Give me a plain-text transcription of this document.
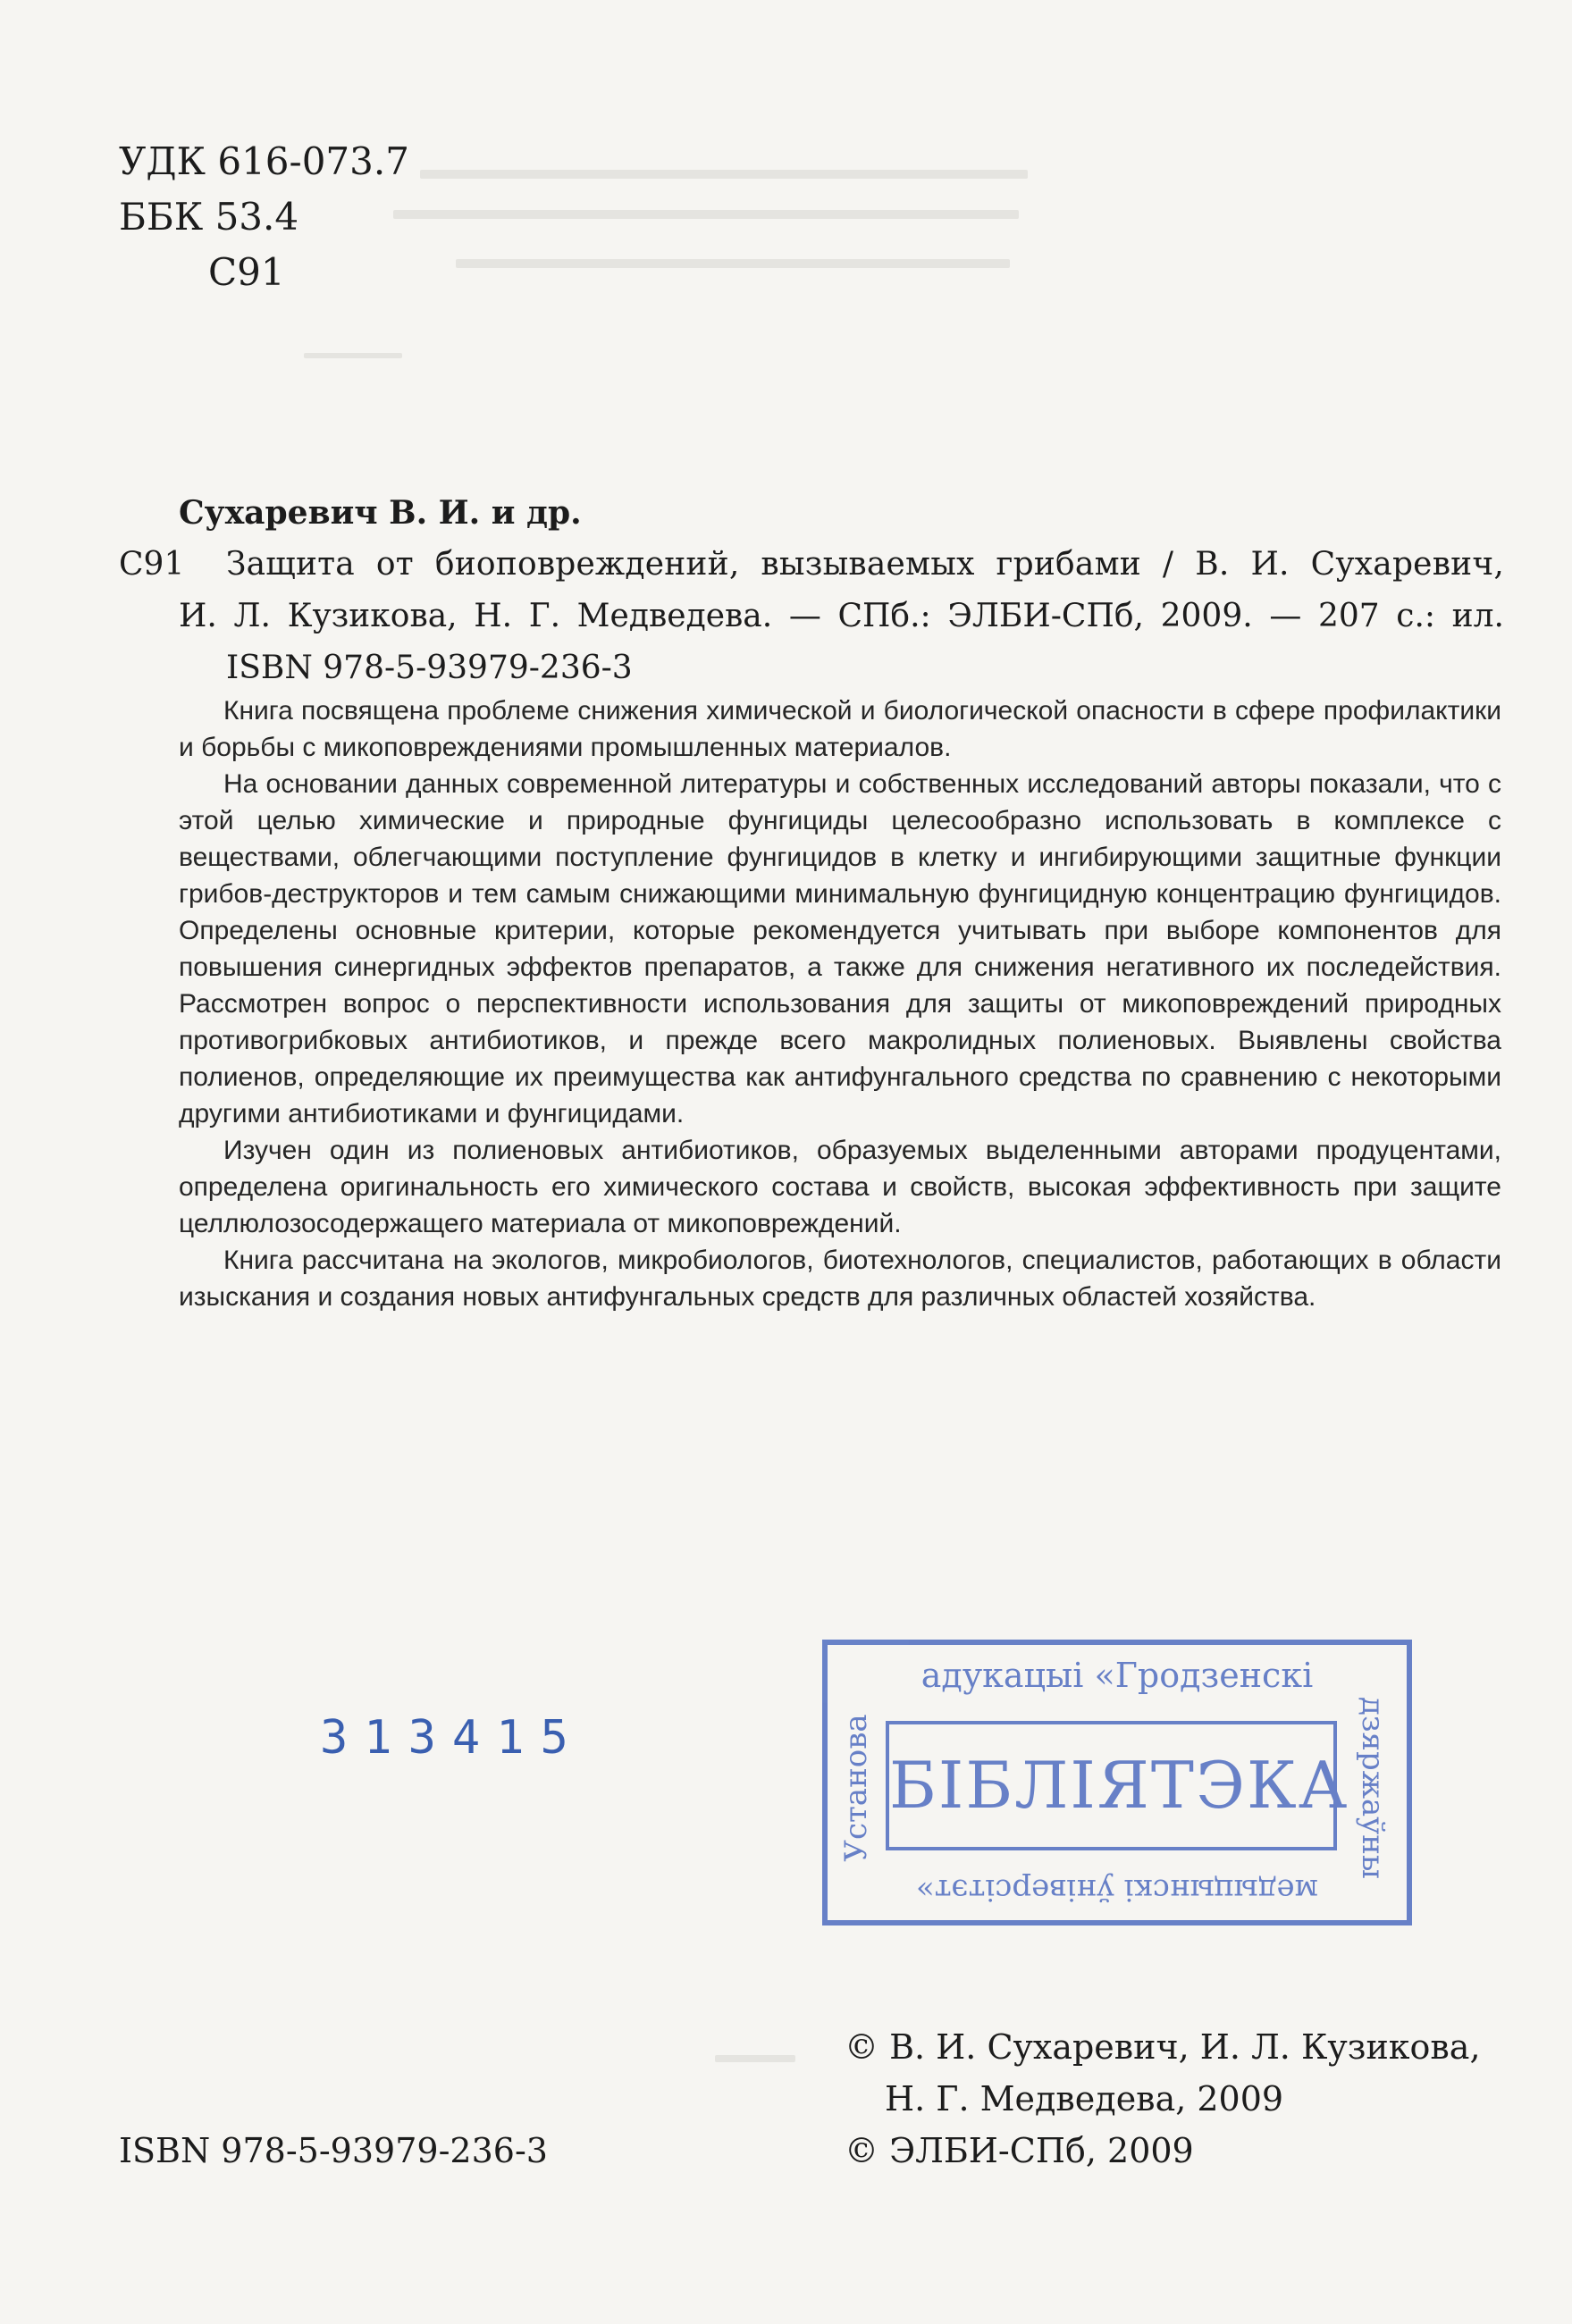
УДК 616-073.7
ББК 53.4
С91
Сухаревич В. И. и др.
С91	Защита от биоповреждений, вызываемых грибами / В. И. Сухаревич,
И. Л. Кузикова, Н. Г. Медведева. — СПб.: ЭЛБИ-СПб, 2009. — 207 с.: ил.
ISBN 978-5-93979-236-3

Книга посвящена проблеме снижения химической и биологической опасности в сфере профилактики и борьбы с микоповреждениями промышленных материалов.

На основании данных современной литературы и собственных исследований авторы показали, что с этой целью химические и природные фунгициды целесообразно использовать в комплексе с веществами, облегчающими поступление фунгицидов в клетку и ингибирующими защитные функции грибов-деструкторов и тем самым снижающими минимальную фунгицидную концентрацию фунгицидов. Определены основные критерии, которые рекомендуется учитывать при выборе компонентов для повышения синергидных эффектов препаратов, а также для снижения негативного их последействия. Рассмотрен вопрос о перспективности использования для защиты от микоповреждений природных противогрибковых антибиотиков, и прежде всего макролидных полиеновых. Выявлены свойства полиенов, определяющие их преимущества как антифунгального средства по сравнению с некоторыми другими антибиотиками и фунгицидами.

Изучен один из полиеновых антибиотиков, образуемых выделенными авторами продуцентами, определена оригинальность его химического состава и свойств, высокая эффективность при защите целлюлозосодержащего материала от микоповреждений.

Книга рассчитана на экологов, микробиологов, биотехнологов, специалистов, работающих в области изыскания и создания новых антифунгальных средств для различных областей хозяйства.

313415
адукацыі «Гродзенскі
Установа	дзяржаўны
БІБЛІЯТЭКА
медыцынскі ўніверсітэт»
© В. И. Сухаревич, И. Л. Кузикова,
Н. Г. Медведева, 2009
© ЭЛБИ-СПб, 2009
ISBN 978-5-93979-236-3
